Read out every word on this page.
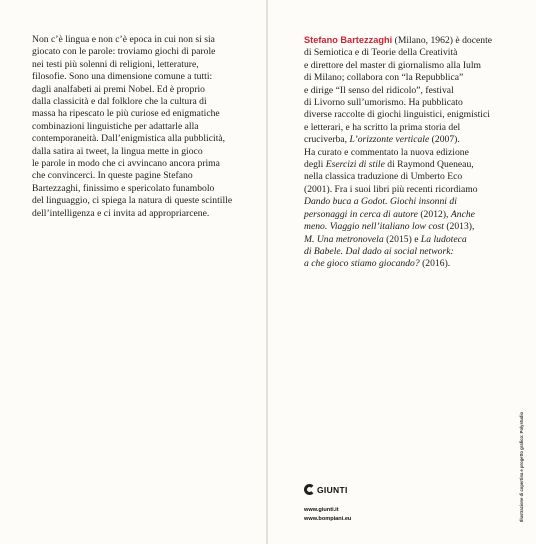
Non c’è lingua e non c’è epoca in cui non si sia
giocato con le parole: troviamo giochi di parole
nei testi più solenni di religioni, letterature,
filosofie. Sono una dimensione comune a tutti:
dagli analfabeti ai premi Nobel. Ed è proprio
dalla classicità e dal folklore che la cultura di
massa ha ripescato le più curiose ed enigmatiche
combinazioni linguistiche per adattarle alla
contemporaneità. Dall’enigmistica alla pubblicità,
dalla satira ai tweet, la lingua mette in gioco
le parole in modo che ci avvincano ancora prima
che convincerci. In queste pagine Stefano
Bartezzaghi, finissimo e spericolato funambolo
del linguaggio, ci spiega la natura di queste scintille
dell’intelligenza e ci invita ad appropriarcene.

Stefano Bartezzaghi (Milano, 1962) è docente
di Semiotica e di Teorie della Creatività
e direttore del master di giornalismo alla Iulm
di Milano; collabora con “la Repubblica”
e dirige “Il senso del ridicolo”, festival
di Livorno sull’umorismo. Ha pubblicato
diverse raccolte di giochi linguistici, enigmistici
e letterari, e ha scritto la prima storia del
cruciverba, L’orizzonte verticale (2007).
Ha curato e commentato la nuova edizione
degli Esercizi di stile di Raymond Queneau,
nella classica traduzione di Umberto Eco
(2001). Fra i suoi libri più recenti ricordiamo
Dando buca a Godot. Giochi insonni di
personaggi in cerca di autore (2012), Anche
meno. Viaggio nell’italiano low cost (2013),
M. Una metronovela (2015) e La ludoteca
di Babele. Dal dado ai social network:
a che gioco stiamo giocando? (2016).

GIUNTI
www.giunti.it
www.bompiani.eu	Illustrazione di copertina e progetto grafico: Polystudio
